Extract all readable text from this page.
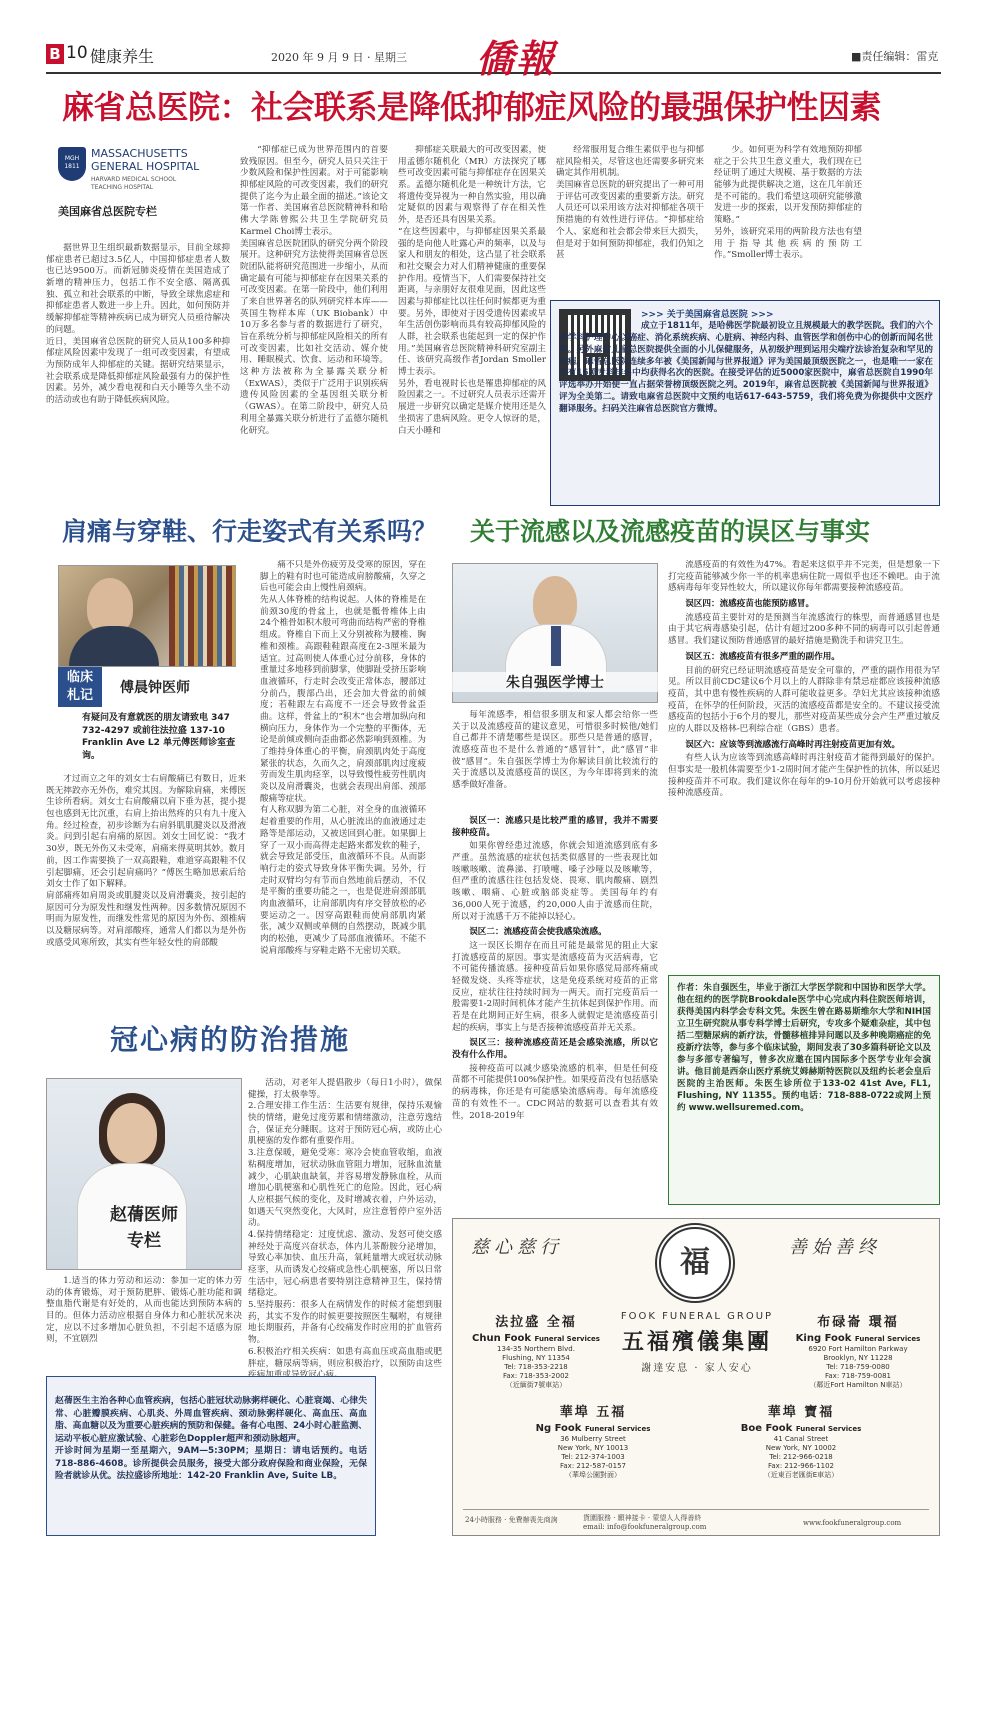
B 10 健康养生	2020 年 9 月 9 日 · 星期三 僑報	■责任编辑：雷克
麻省总医院：社会联系是降低抑郁症风险的最强保护性因素
MGH 1811
MASSACHUSETTS
GENERAL HOSPITAL
HARVARD MEDICAL SCHOOL
TEACHING HOSPITAL
美国麻省总医院专栏
据世界卫生组织最新数据显示，目前全球抑郁症患者已超过3.5亿人，中国抑郁症患者人数也已达9500万。而新冠肺炎疫情在美国造成了新增的精神压力，包括工作不安全感、隔离孤独、孤立和社会联系的中断，导致全球焦虑症和抑郁症患者人数进一步上升。因此，如何预防并缓解抑郁症等精神疾病已成为研究人员亟待解决的问题。
近日，美国麻省总医院的研究人员从100多种抑郁症风险因素中发现了一组可改变因素，有望成为预防成年人抑郁症的关键。据研究结果显示，社会联系成是降低抑郁症风险最强有力的保护性因素。另外，减少看电视和白天小睡等久坐不动的活动或也有助于降低疾病风险。
“抑郁症已成为世界范围内的首要致残原因。但至今，研究人员只关注于少数风险和保护性因素。对于可能影响抑郁症风险的可改变因素，我们的研究提供了迄今为止最全面的描述。”该论文第一作者、美国麻省总医院精神科和哈佛大学陈曾熙公共卫生学院研究员Karmel Choi博士表示。
美国麻省总医院团队的研究分两个阶段展开。这种研究方法使得美国麻省总医院团队能将研究范围进一步缩小，从而确定最有可能与抑郁症存在因果关系的可改变因素。在第一阶段中，他们利用了来自世界著名的队列研究样本库——英国生物样本库（UK Biobank）中10万多名参与者的数据进行了研究，旨在系统分析与抑郁症风险相关的所有可改变因素，比如社交活动、媒介使用、睡眠模式、饮食、运动和环境等。这种方法被称为全暴露关联分析（ExWAS），类似于广泛用于识别疾病遗传风险因素的全基因组关联分析（GWAS）。在第二阶段中，研究人员利用全暴露关联分析进行了孟德尔随机化研究。
抑郁症关联最大的可改变因素，使用孟德尔随机化（MR）方法探究了哪些可改变因素可能与抑郁症存在因果关系。孟德尔随机化是一种统计方法，它将遗传变异视为一种自然实验，用以确定疑似的因素与观察得了存在相关性外，是否还具有因果关系。
“在这些因素中，与抑郁症因果关系最强的是向他人吐露心声的频率，以及与家人和朋友的相处，这凸显了社会联系和社交聚会力对人们精神健康的重要保护作用。疫情当下，人们需要保持社交距离，与亲朋好友很难见面，因此这些因素与抑郁症比以往任何时候都更为重要。另外，即使对于因受遗传因素或早年生活创伤影响而具有较高抑郁风险的人群，社会联系也能起到一定的保护作用。”美国麻省总医院精神科研究室副主任、该研究高级作者Jordan Smoller博士表示。
另外，看电视时长也是罹患抑郁症的风险因素之一。不过研究人员表示还需开展进一步研究以确定是媒介使用还是久坐损害了患病风险。更令人惊讶的是，白天小睡和
经常服用复合维生素似乎也与抑郁症风险相关，尽管这也还需要多研究来确定其作用机制。
美国麻省总医院的研究提出了一种可用于评估可改变因素的重要新方法。研究人员还可以采用该方法对抑郁症各项干预措施的有效性进行评估。“抑郁症给个人、家庭和社会都会带来巨大损失，但是对于如何预防抑郁症，我们仍知之甚
少。如何更为科学有效地预防抑郁症之于公共卫生意义重大，我们现在已经证明了通过大规模、基于数据的方法能够为此提供解决之道，这在几年前还是不可能的。我们希望这项研究能够激发进一步的探索，以开发预防抑郁症的策略。”
另外，该研究采用的两阶段方法也有望用于指导其他疾病的预防工作。”Smoller博士表示。
>>> 关于美国麻省总医院 >>>
成立于1811年，是哈佛医学院最初设立且规模最大的教学医院。我们的六个多学科护理中心以癌症、消化系统疾病、心脏病、神经内科、血管医学和创伤中心的创新而闻名世界。另外麻省儿童总医院提供全面的小儿保健服务，从初级护理到运用尖端疗法诊治复杂和罕见的疾病。麻省总医院连续多年被《美国新闻与世界报道》评为美国最顶级医院之一，也是唯一一家在所有16项专科排名中均获得名次的医院。在接受评估的近5000家医院中，麻省总医院自1990年评选举办开始便一直占据荣誉榜顶级医院之列。2019年，麻省总医院被《美国新闻与世界报道》评为全美第二。请致电麻省总医院中文预约电话617-643-5759，我们将免费为你提供中文医疗翻译服务。扫码关注麻省总医院官方微博。
肩痛与穿鞋、行走姿式有关系吗？
临床
札记	傅晨钟医师
有疑问及有意就医的朋友请致电 347 732-4297 或前往法拉盛 137-10 Franklin Ave L2 单元傅医师诊室查询。
才过而立之年的刘女士右肩酸痛已有数日，近来既无摔跤亦无外伤，难究其因。为解除肩痛，来傅医生诊所看病。刘女士右肩酸痛以肩下垂为甚，提小提包也感到无比沉重，右肩上抬出然疼的只有九十度入角。经过检查，初步诊断为右肩斜肌肌腱炎以及滑液炎。问到引起右肩痛的原因。刘女士回忆说：“我才30岁，既无外伤又未受寒，肩痛来得莫明其妙。数月前，因工作需要换了一双高跟鞋，难道穿高跟鞋不仅引起脚痛，还会引起肩痛吗？”傅医生略加思索后给刘女士作了如下解释。
肩部痛疼如肩周炎或肌腱炎以及肩滑囊炎，按引起的原因可分为原发性和继发性两种。因多数情况原因不明而为原发性，而继发性常见的原因为外伤、颈椎病以及糖尿病等。对肩部酸疼，通常人们都以为是外伤或感受风寒所致，其实有些年轻女性的肩部酸
痛不只是外伤疲劳及受寒的原因，穿在脚上的鞋有时也可能造成肩膀酸痛，久穿之后也可能会由上慢性肩颈病。
先从人体脊椎的结构说起。人体的脊椎是在前颈30度的骨盆上，也就是骶骨椎体上由24个椎骨如积木般可弯曲而结构严密的脊椎组成。脊椎自下而上又分别被称为腰椎、胸椎和颈椎。高跟鞋鞋跟高度在2-3厘米最为适宜。过高则使人体重心过分前移，身体的重量过多地移到前脚掌，使脚趾受挤压影响血液循环，行走时会改变正常体态，腰部过分前凸，腹部凸出，还会加大骨盆的前倾度；若鞋跟左右高度不一还会导致骨盆歪曲。这样，骨盆上的“积木”也会增加纵向和横向压力，身体作为一个完整的平衡体，无论是前倾或侧向歪曲都必然影响到颈椎。为了维持身体重心的平衡，肩颈肌肉处于高度紧张的状态，久而久之，肩颈部肌肉过度疲劳而发生肌肉痉挛，以导致慢性疲劳性肌肉炎以及肩滑囊炎，也就会表现出肩部、颈部酸痛等症状。
有人称双脚为第二心脏，对全身的血液循环起着重要的作用，从心脏流出的血液通过走路等是部运动，又被送回到心脏。如果脚上穿了一双小而高得走起路来都发软的鞋子，就会导致足部受压，血液循环不良。从而影响行走的姿式导致身体平衡失调。另外，行走时双臂均匀有节而自然地前后摆动，不仅是平衡的重要功能之一，也是促进肩颈部肌肉血液循环，让肩部肌肉有序交替放松的必要运动之一。因穿高跟鞋而使肩部肌肉紧张，减少双侧或单侧的自然摆动，既减少肌肉的松弛，更减少了局部血液循环。不能不说肩部酸疼与穿鞋走路不无密切关联。
关于流感以及流感疫苗的误区与事实
朱自强医学博士
每年流感季，相信很多朋友和家人都会给你一些关于以及流感疫苗的建议意见，可惜很多时候他/她们自己都并不清楚哪些是误区。那些只是普通的感冒，流感疫苗也不是什么普通的“感冒针”，此“感冒”非彼“感冒”。朱自强医学博士为你解读目前比较流行的关于流感以及流感疫苗的误区，为今年即将到来的流感季做好准备。
误区一：流感只是比较严重的感冒，我并不需要接种疫苗。

如果你曾经患过流感，你就会知道流感到底有多严重。虽然流感的症状包括类似感冒的一些表现比如咳嗽咳嗽、流鼻涕、打喷嚏、嗓子沙哑以及咳嗽等，但严重的流感往往包括发烧、畏寒、肌肉酸痛、剧烈咳嗽、咽痛、心脏或脑部炎症等。美国每年约有36,000人死于流感，约20,000人由于流感而住院，所以对于流感千万不能掉以轻心。

误区二：流感疫苗会使我感染流感。

这一误区长期存在而且可能是最常见的阻止大家打流感疫苗的原因。事实是流感疫苗为灭活病毒，它不可能传播流感。接种疫苗后如果你感觉局部疼痛或轻微发烧、头疼等症状，这是免疫系统对疫苗的正常反应，症状往往持续时间为一两天。而打完疫苗后一般需要1-2周时间机体才能产生抗体起到保护作用。而若是在此期间正好生病，很多人就假定是流感疫苗引起的疾病，事实上与是否接种流感疫苗并无关系。

误区三：接种流感疫苗还是会感染流感，所以它没有什么作用。

接种疫苗可以减少感染流感的机率，但是任何疫苗都不可能提供100%保护性。如果疫苗没有包括感染的病毒株，你还是有可能感染流感病毒。每年流感疫苗的有效性不一。CDC网站的数据可以查看其有效性，2018-2019年

流感疫苗的有效性为47%。看起来这似乎并不完美，但是想象一下打完疫苗能够减少你一半的机率患病住院一周似乎也还不赖吧。由于流感病毒每年变异性较大，所以建议你每年都需要接种流感疫苗。

误区四：流感疫苗也能预防感冒。

流感疫苗主要针对的是预测当年流感流行的株型，而普通感冒也是由于其它病毒感染引起，估计有超过200多种不同的病毒可以引起普通感冒。我们建议预防普通感冒的最好措施是勤洗手和讲究卫生。

误区五：流感疫苗有很多严重的副作用。

目前的研究已经证明流感疫苗是安全可靠的，严重的副作用很为罕见。所以目前CDC建议6个月以上的人群除非有禁忌症都应该接种流感疫苗，其中患有慢性疾病的人群可能收益更多。孕妇尤其应该接种流感疫苗，在怀孕的任何阶段，灭活的流感疫苗都是安全的。不建议接受流感疫苗的包括小于6个月的婴儿，那些对疫苗某些成分会产生严重过敏反应的人群以及格林-巴利综合症（GBS）患者。

误区六：应该等到流感流行高峰时再注射疫苗更加有效。

有些人认为应该等到流感高峰时再注射疫苗才能得到最好的保护。但事实是一般机体需要至少1-2周时间才能产生保护性的抗体，所以延迟接种疫苗并不可取。我们建议你在每年的9-10月份开始就可以考虑接种接种流感疫苗。

作者：朱自强医生，毕业于浙江大学医学院和中国协和医学大学。他在纽约的医学院Brookdale医学中心完成内科住院医师培训，获得美国内科学会专科文凭。朱医生曾在路易斯维尔大学和NIH国立卫生研究院从事专科学博士后研究，专攻多个疑难杂症，其中包括二型糖尿病的新疗法，骨髓移植排异问题以及多种晚期癌症的免疫新疗法等，参与多个临床试验，期间发表了30多篇科研论文以及参与多部专著编写，曾多次应邀在国内国际多个医学专业年会演讲。他目前是西奈山医疗系统艾姆赫斯特医院以及纽约长老会皇后医院的主治医师。朱医生诊所位于133-02 41st Ave, FL1, Flushing, NY 11355。预约电话：718-888-0722或网上预约 www.wellsuremed.com。
冠心病的防治措施
赵蒨医师
专栏
1.适当的体力劳动和运动：参加一定的体力劳动的体育锻炼，对于预防肥胖、锻炼心脏功能和调整血脂代谢是有好处的，从而也能达到预防本病的目的。但体力活动应根据自身体力和心脏状况来决定，应以不过多增加心脏负担，不引起不适感为原则，不宜剧烈
活动，对老年人提倡散步（每日1小时），做保健操，打太极拳等。
2.合理安排工作生活：生活要有规律，保持乐观愉快的情绪，避免过度劳累和情绪激动，注意劳逸结合，保证充分睡眠。这对于预防冠心病，或防止心肌梗塞的发作都有重要作用。
3.注意保暖，避免受寒：寒冷会使血管收缩，血液粘稠度增加，冠状动脉血管阻力增加，冠脉血流量减少，心肌缺血缺氧，并容易增发静脉血栓，从而增加心肌梗塞和心肌性死亡的危险。因此，冠心病人应根据气候的变化，及时增减衣着，户外运动，如遇天气突然变化，大风时，应注意暂停户室外活动。
4.保持情绪稳定：过度忧虑、激动、发怒可使交感神经处于高度兴奋状态，体内儿茶酚胺分泌增加，导致心率加快、血压升高，氧耗量增大或冠状动脉痉挛，从而诱发心绞痛或急性心肌梗塞，所以日常生活中，冠心病患者要特别注意精神卫生，保持情绪稳定。
5.坚持服药：很多人在病情发作的时候才能想到服药，其实不发作的时候更要按照医生嘱咐，有规律地长期服药，并备有心绞痛发作时应用的扩血管药物。
6.积极治疗相关疾病：如患有高血压或高血脂或肥胖症，糖尿病等病，则应积极治疗，以预防由这些

赵蒨医生主治各种心血管疾病，包括心脏冠状动脉粥样硬化、心脏衰竭、心律失常、心脏瓣膜疾病、心肌炎、外周血管疾病、颈动脉粥样硬化、高血压、高血脂、高血糖以及为重要心脏疾病的预防和保健。备有心电图、24小时心脏监测、运动平板心脏应激试验、心脏彩色Doppler超声和颈动脉超声。
开诊时间为星期一至星期六，9AM—5:30PM；星期日：请电话预约。电话718-886-4608。诊所提供会员服务，接受大部分政府保险和商业保险，无保险者就诊从优。法拉盛诊所地址：142-20 Franklin Ave, Suite LB。

慈心慈行	善始善终
福
FOOK FUNERAL GROUP
五福殯儀集團
謝達安息 · 家人安心
法拉盛 全福
Chun Fook Funeral Services
134-35 Northern Blvd.
Flushing, NY 11354
Tel: 718-353-2218
Fax: 718-353-2002
（近緬街7號車站）
布碌崙 環福
King Fook Funeral Services
6920 Fort Hamilton Parkway
Brooklyn, NY 11228
Tel: 718-759-0080
Fax: 718-759-0081
（鄰近Fort Hamilton N車站）
華埠 五福
Ng Fook Funeral Services
36 Mulberry Street
New York, NY 10013
Tel: 212-374-1003
Fax: 212-587-0157
（華埠公園對面）
華埠 寶福
Boe Fook Funeral Services
41 Canal Street
New York, NY 10002
Tel: 212-966-0218
Fax: 212-966-1102
（近東百老匯街E車站）
24小時服務 · 免費辦喪先商詢	貨圍服務 · 願神接卡 · 蒙望人人得善終
email: info@fookfuneralgroup.com	www.fookfuneralgroup.com
